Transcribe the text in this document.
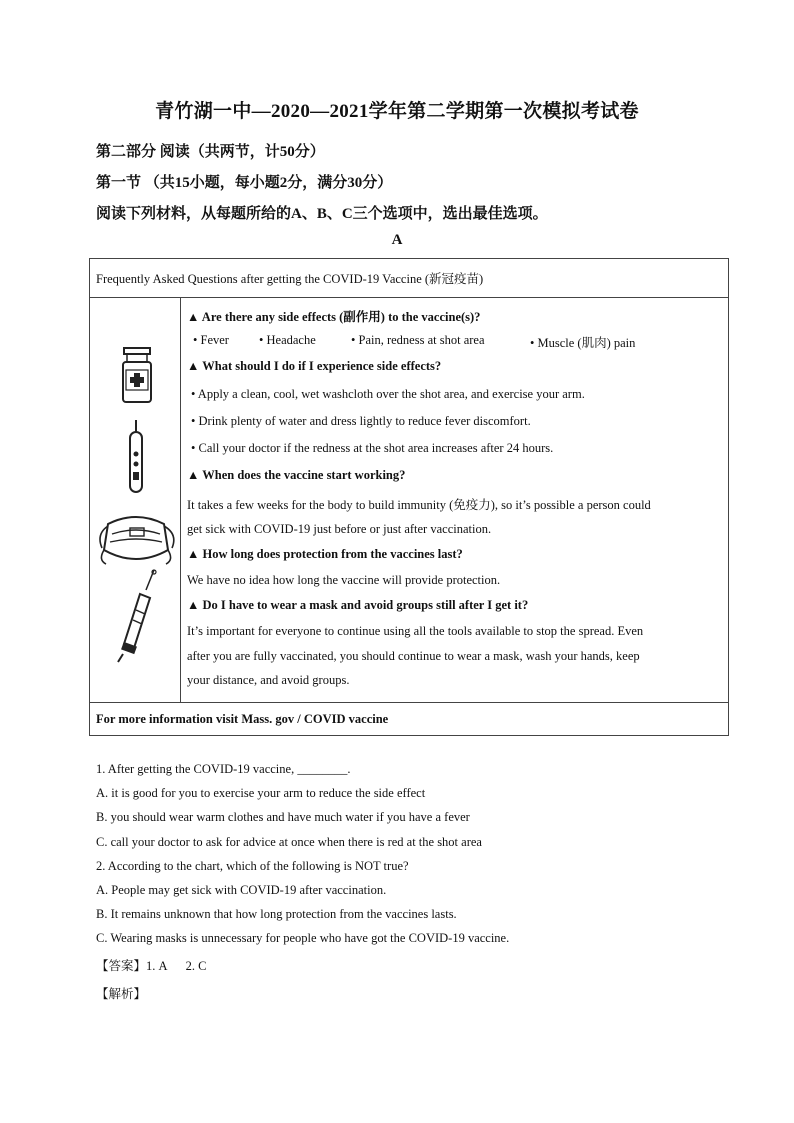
青竹湖一中—2020—2021学年第二学期第一次模拟考试卷
第二部分 阅读（共两节，计50分）
第一节 （共15小题，每小题2分，满分30分）
阅读下列材料，从每题所给的A、B、C三个选项中，选出最佳选项。
A
Frequently Asked Questions after getting the COVID-19 Vaccine (新冠疫苗)
▲ Are there any side effects (副作用) to the vaccine(s)?
• Fever • Headache	• Pain, redness at shot area	• Muscle (肌肉) pain
▲ What should I do if I experience side effects?
• Apply a clean, cool, wet washcloth over the shot area, and exercise your arm.
• Drink plenty of water and dress lightly to reduce fever discomfort.
• Call your doctor if the redness at the shot area increases after 24 hours.
▲ When does the vaccine start working?
It takes a few weeks for the body to build immunity (免疫力), so it’s possible a person could
get sick with COVID-19 just before or just after vaccination.
▲ How long does protection from the vaccines last?
We have no idea how long the vaccine will provide protection.
▲ Do I have to wear a mask and avoid groups still after I get it?
It’s important for everyone to continue using all the tools available to stop the spread. Even
after you are fully vaccinated, you should continue to wear a mask, wash your hands, keep
your distance, and avoid groups.
For more information visit Mass. gov / COVID vaccine
1. After getting the COVID-19 vaccine, ________.
A. it is good for you to exercise your arm to reduce the side effect
B. you should wear warm clothes and have much water if you have a fever
C. call your doctor to ask for advice at once when there is red at the shot area
2. According to the chart, which of the following is NOT true?
A. People may get sick with COVID-19 after vaccination.
B. It remains unknown that how long protection from the vaccines lasts.
C. Wearing masks is unnecessary for people who have got the COVID-19 vaccine.
【答案】1. A      2. C
【解析】
